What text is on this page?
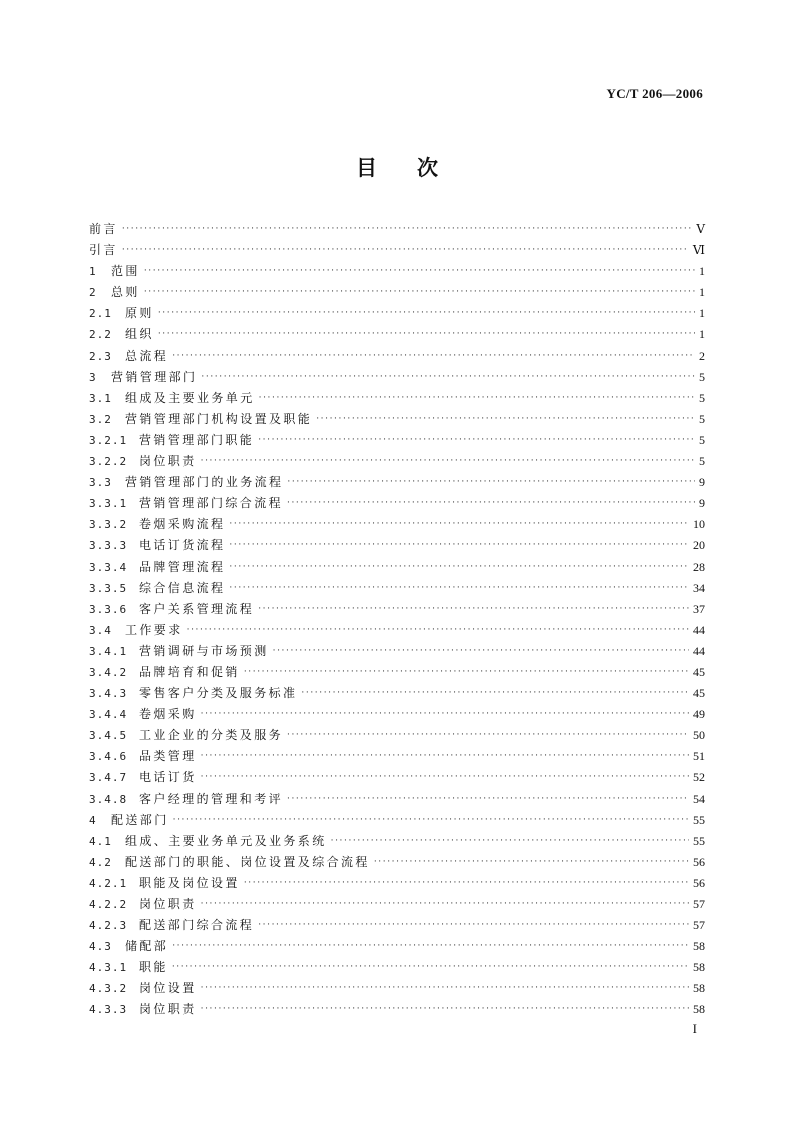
YC/T 206—2006
目 次
前言 ·····	Ⅴ
引言 ·····	Ⅵ
1	范围 ·····	1
2	总则 ·····	1
2.1	原则 ·····	1
2.2	组织 ·····	1
2.3	总流程 ·····	2
3	营销管理部门 ·····	5
3.1	组成及主要业务单元 ·····	5
3.2	营销管理部门机构设置及职能 ·····	5
3.2.1 营销管理部门职能 ·····	5
3.2.2 岗位职责 ·····	5
3.3	营销管理部门的业务流程 ·····	9
3.3.1 营销管理部门综合流程 ·····	9
3.3.2 卷烟采购流程 ·····	10
3.3.3 电话订货流程 ·····	20
3.3.4 品牌管理流程 ·····	28
3.3.5 综合信息流程 ·····	34
3.3.6 客户关系管理流程 ·····	37
3.4	工作要求 ·····	44
3.4.1 营销调研与市场预测 ·····	44
3.4.2 品牌培育和促销 ·····	45
3.4.3 零售客户分类及服务标准 ·····	45
3.4.4 卷烟采购 ·····	49
3.4.5 工业企业的分类及服务 ·····	50
3.4.6 品类管理 ·····	51
3.4.7 电话订货 ·····	52
3.4.8 客户经理的管理和考评 ·····	54
4	配送部门 ·····	55
4.1	组成、主要业务单元及业务系统 ·····	55
4.2	配送部门的职能、岗位设置及综合流程 ·····	56
4.2.1 职能及岗位设置 ·····	56
4.2.2 岗位职责 ·····	57
4.2.3 配送部门综合流程 ·····	57
4.3	储配部 ·····	58
4.3.1 职能 ·····	58
4.3.2 岗位设置 ·····	58
4.3.3 岗位职责 ·····	58
I
